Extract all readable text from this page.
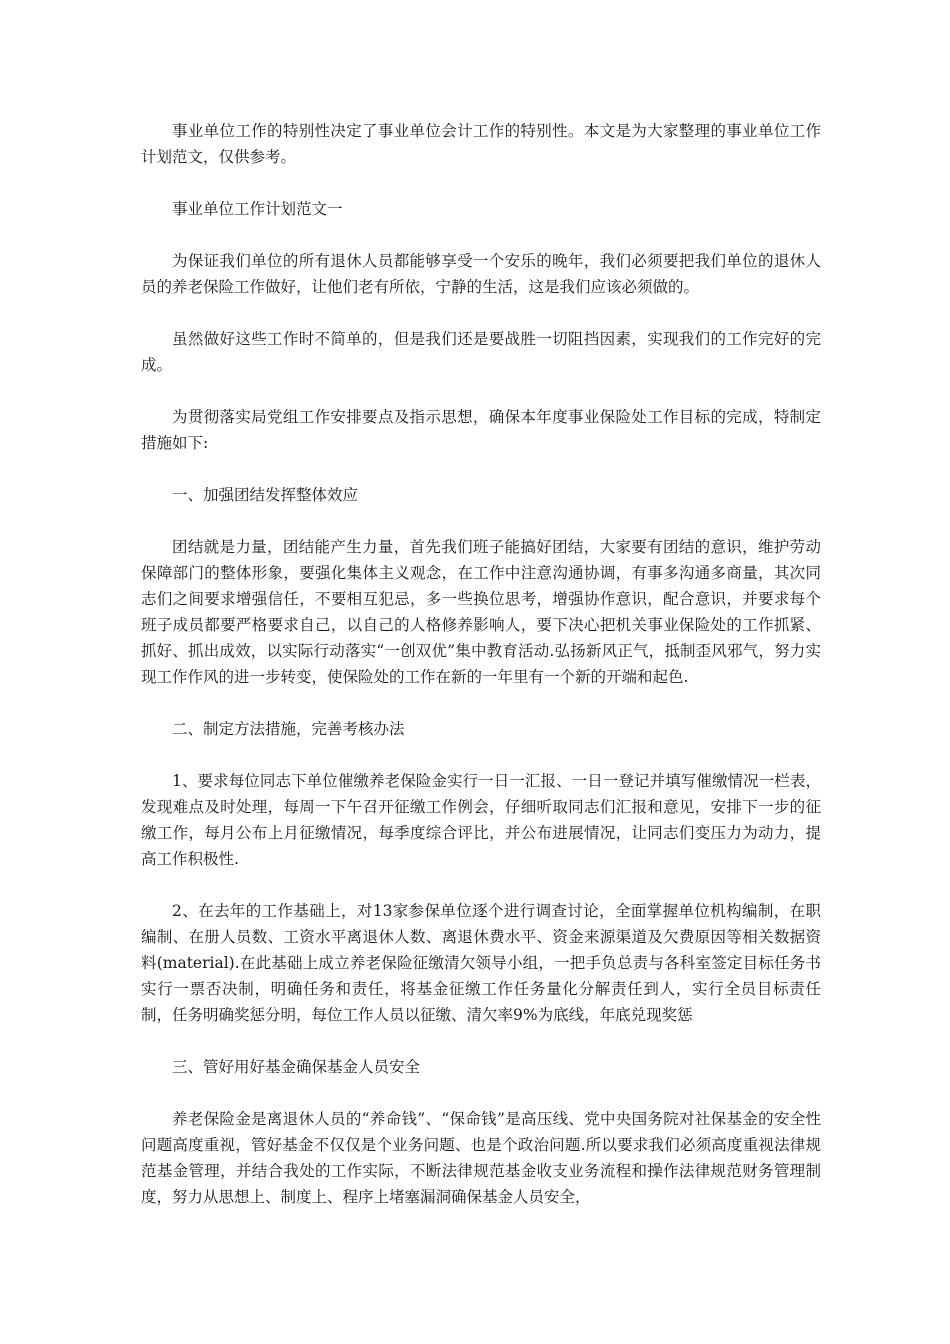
事业单位工作的特别性决定了事业单位会计工作的特别性。本文是为大家整理的事业单位工作计划范文，仅供参考。

事业单位工作计划范文一

为保证我们单位的所有退休人员都能够享受一个安乐的晚年，我们必须要把我们单位的退休人员的养老保险工作做好，让他们老有所依，宁静的生活，这是我们应该必须做的。

虽然做好这些工作时不简单的，但是我们还是要战胜一切阻挡因素，实现我们的工作完好的完成。

为贯彻落实局党组工作安排要点及指示思想，确保本年度事业保险处工作目标的完成，特制定措施如下:

一、加强团结发挥整体效应

团结就是力量，团结能产生力量，首先我们班子能搞好团结，大家要有团结的意识，维护劳动保障部门的整体形象，要强化集体主义观念，在工作中注意沟通协调，有事多沟通多商量，其次同志们之间要求增强信任，不要相互犯忌，多一些换位思考，增强协作意识，配合意识，并要求每个班子成员都要严格要求自己，以自己的人格修养影响人，要下决心把机关事业保险处的工作抓紧、抓好、抓出成效，以实际行动落实“一创双优”集中教育活动.弘扬新风正气，抵制歪风邪气，努力实现工作作风的进一步转变，使保险处的工作在新的一年里有一个新的开端和起色.

二、制定方法措施，完善考核办法

1、要求每位同志下单位催缴养老保险金实行一日一汇报、一日一登记并填写催缴情况一栏表，发现难点及时处理，每周一下午召开征缴工作例会，仔细听取同志们汇报和意见，安排下一步的征缴工作，每月公布上月征缴情况，每季度综合评比，并公布进展情况，让同志们变压力为动力，提高工作积极性.

2、在去年的工作基础上，对13家参保单位逐个进行调查讨论，全面掌握单位机构编制，在职编制、在册人员数、工资水平离退休人数、离退休费水平、资金来源渠道及欠费原因等相关数据资料(material).在此基础上成立养老保险征缴清欠领导小组，一把手负总责与各科室签定目标任务书实行一票否决制，明确任务和责任，将基金征缴工作任务量化分解责任到人，实行全员目标责任制，任务明确奖惩分明，每位工作人员以征缴、清欠率9%为底线，年底兑现奖惩

三、管好用好基金确保基金人员安全

养老保险金是离退休人员的“养命钱”、“保命钱”是高压线、党中央国务院对社保基金的安全性问题高度重视，管好基金不仅仅是个业务问题、也是个政治问题.所以要求我们必须高度重视法律规范基金管理，并结合我处的工作实际，不断法律规范基金收支业务流程和操作法律规范财务管理制度，努力从思想上、制度上、程序上堵塞漏洞确保基金人员安全，
